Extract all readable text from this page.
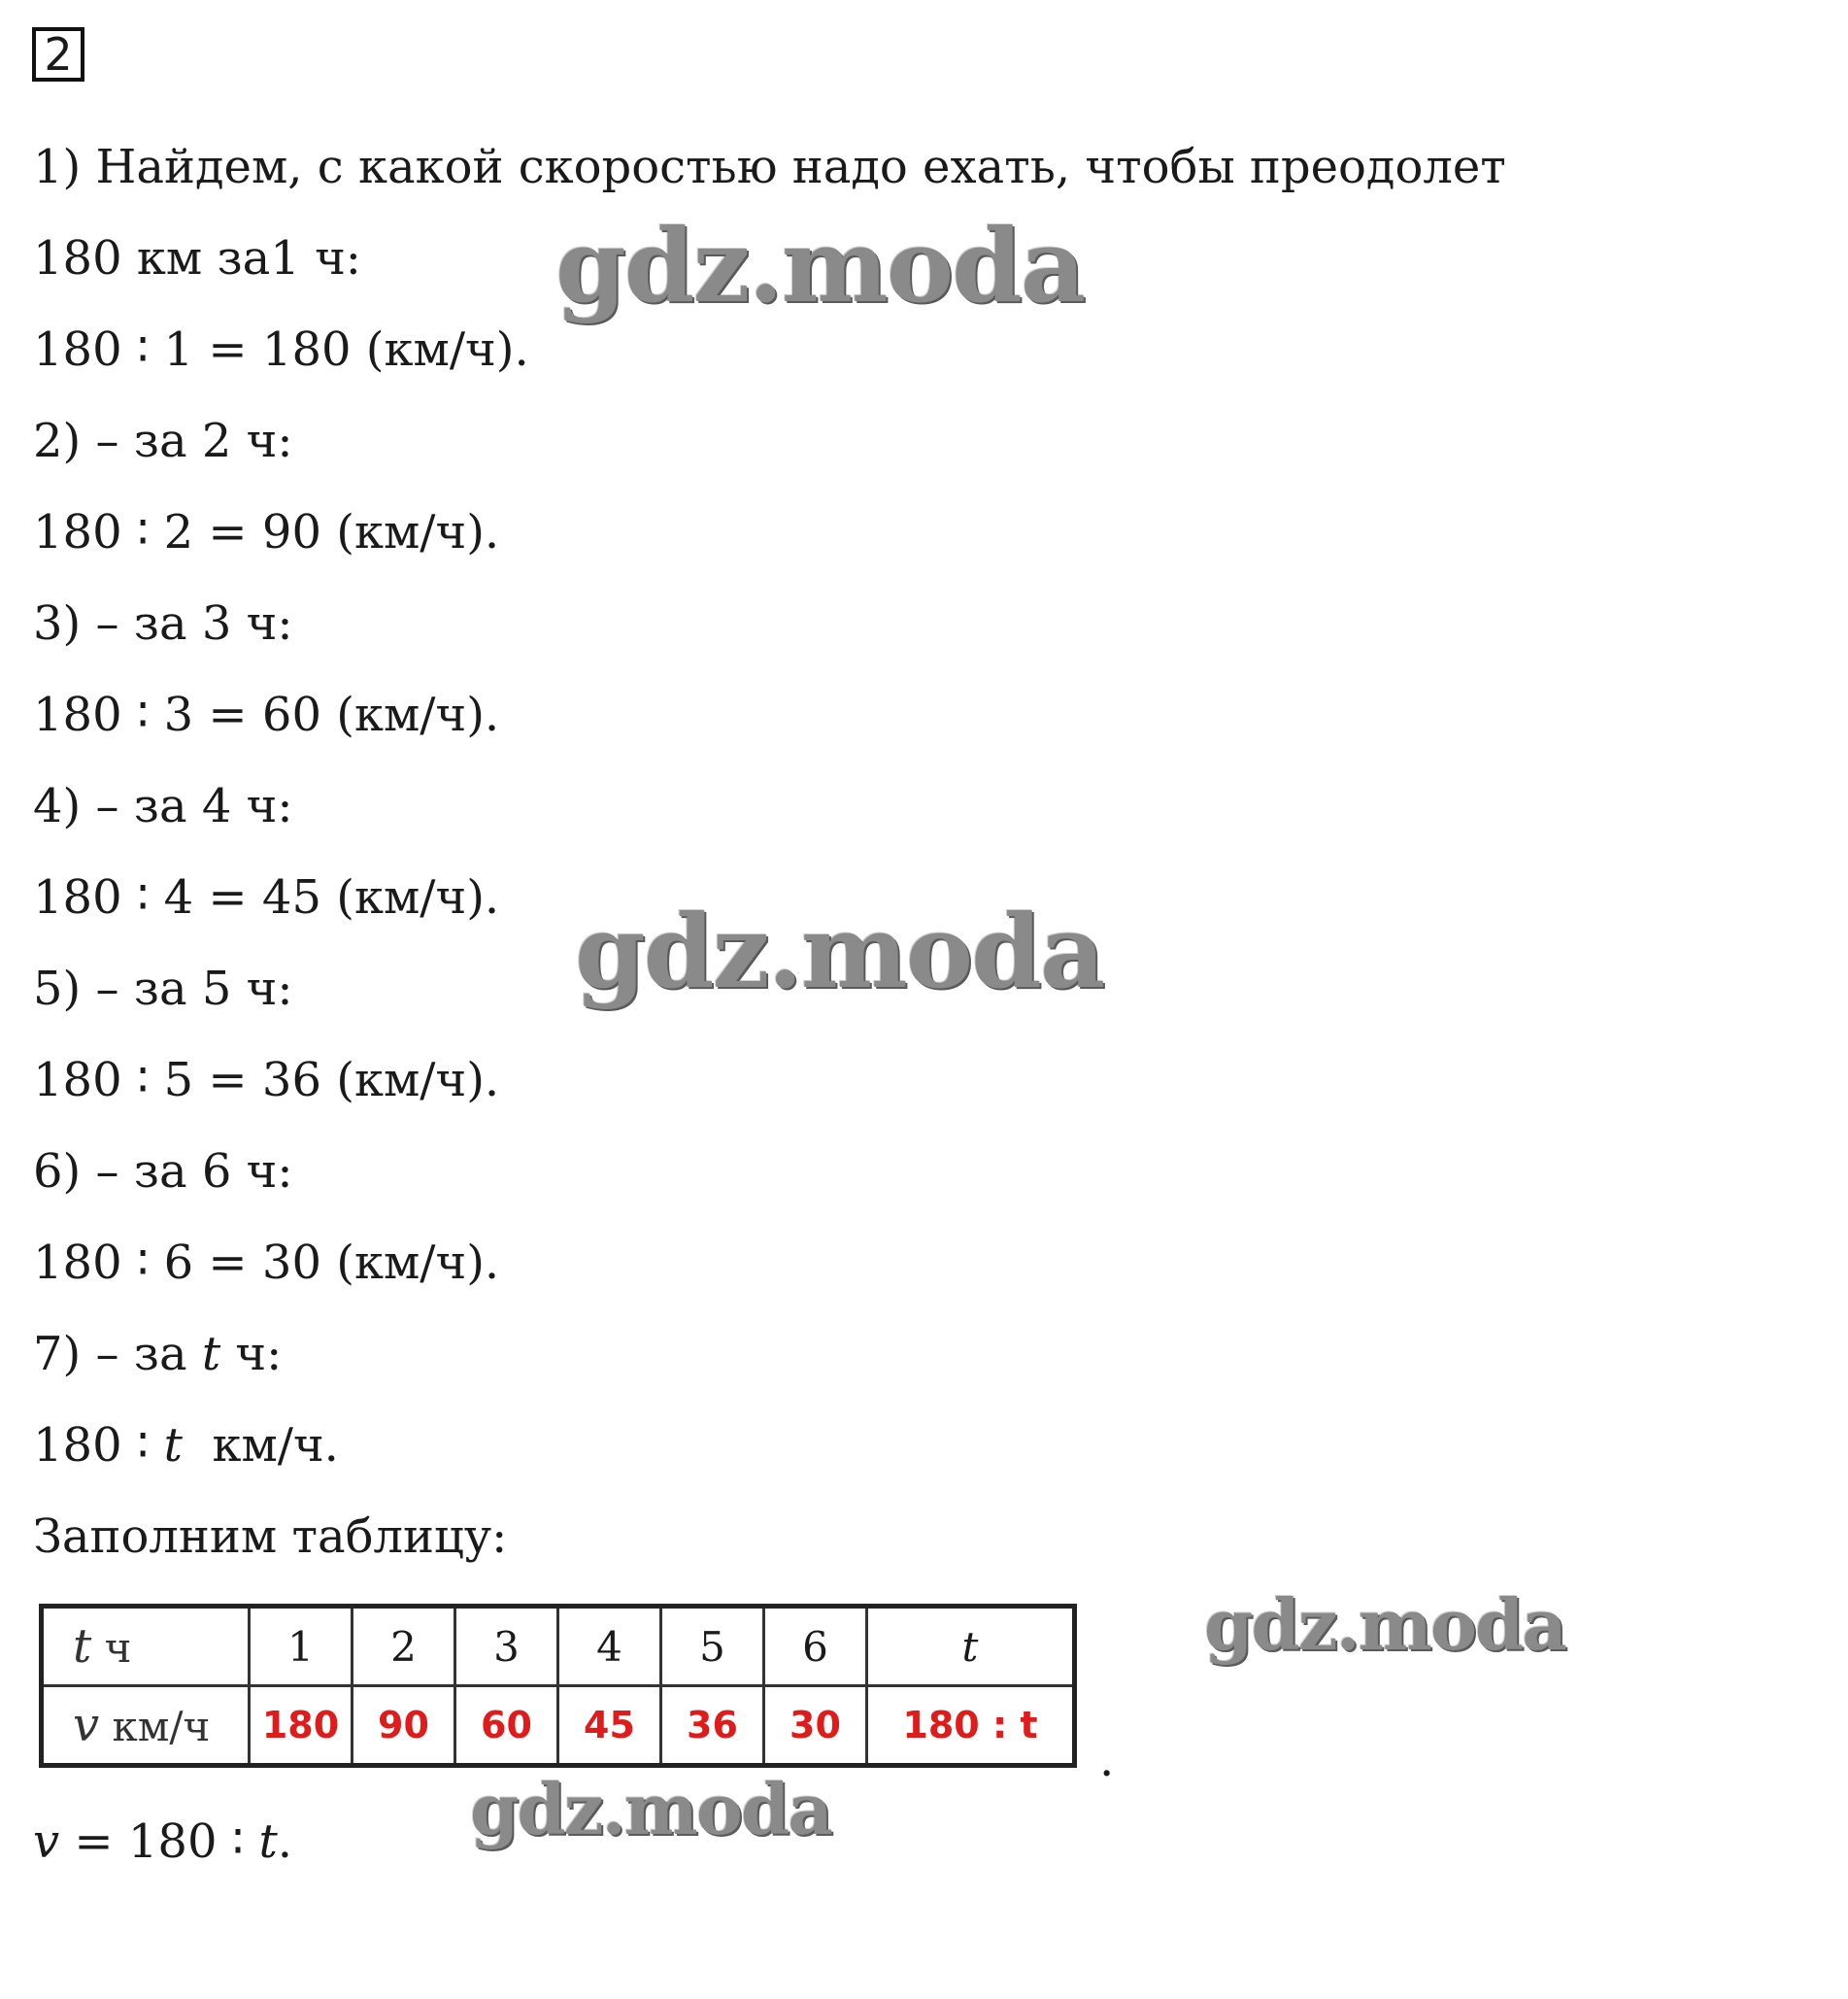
2
1) Найдем, с какой скоростью надо ехать, чтобы преодолет
180 км за1 ч:
180 ∶ 1 = 180 (км/ч).
2) – за 2 ч:
180 ∶ 2 = 90 (км/ч).
3) – за 3 ч:
180 ∶ 3 = 60 (км/ч).
4) – за 4 ч:
180 ∶ 4 = 45 (км/ч).
5) – за 5 ч:
180 ∶ 5 = 36 (км/ч).
6) – за 6 ч:
180 ∶ 6 = 30 (км/ч).
7) – за t ч:
180 ∶ t  км/ч.
Заполним таблицу:
t ч	1	2	3	4	5	6	t
v км/ч	180	90	60	45	36	30	180 : t
.
v = 180 ∶ t.
gdz.moda
gdz.moda
gdz.moda
gdz.moda
